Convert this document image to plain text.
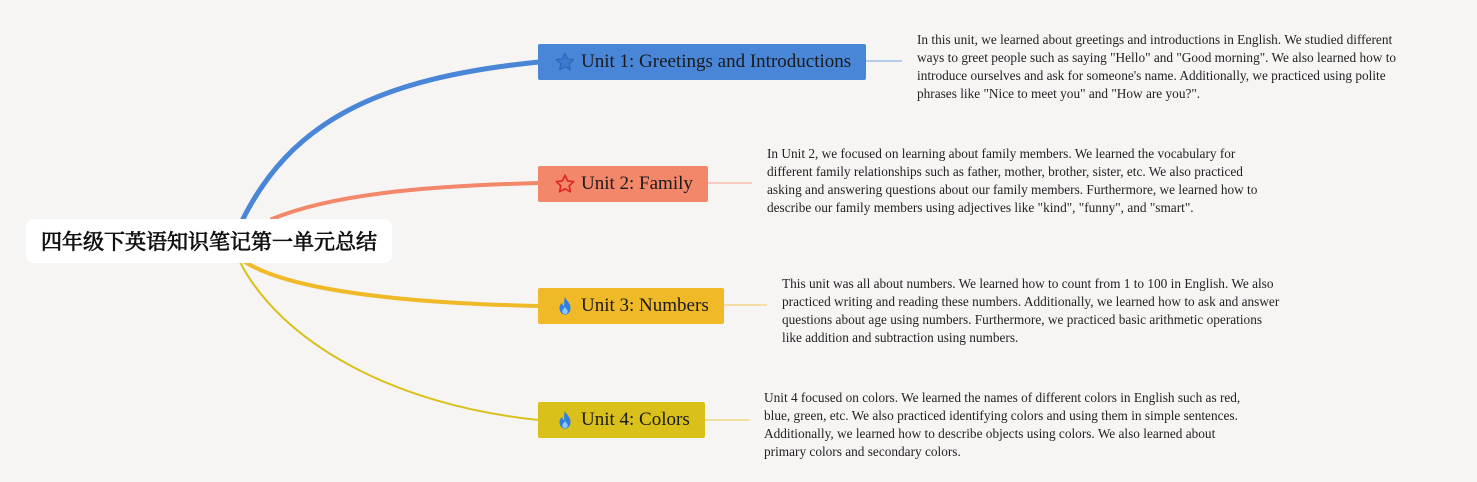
四年级下英语知识笔记第一单元总结
Unit 1: Greetings and Introductions
Unit 2: Family
Unit 3: Numbers
Unit 4: Colors
In this unit, we learned about greetings and introductions in English. We studied different ways to greet people such as saying "Hello" and "Good morning". We also learned how to introduce ourselves and ask for someone's name. Additionally, we practiced using polite phrases like "Nice to meet you" and "How are you?".
In Unit 2, we focused on learning about family members. We learned the vocabulary for different family relationships such as father, mother, brother, sister, etc. We also practiced asking and answering questions about our family members. Furthermore, we learned how to describe our family members using adjectives like "kind", "funny", and "smart".
This unit was all about numbers. We learned how to count from 1 to 100 in English. We also practiced writing and reading these numbers. Additionally, we learned how to ask and answer questions about age using numbers. Furthermore, we practiced basic arithmetic operations like addition and subtraction using numbers.
Unit 4 focused on colors. We learned the names of different colors in English such as red, blue, green, etc. We also practiced identifying colors and using them in simple sentences. Additionally, we learned how to describe objects using colors. We also learned about primary colors and secondary colors.
